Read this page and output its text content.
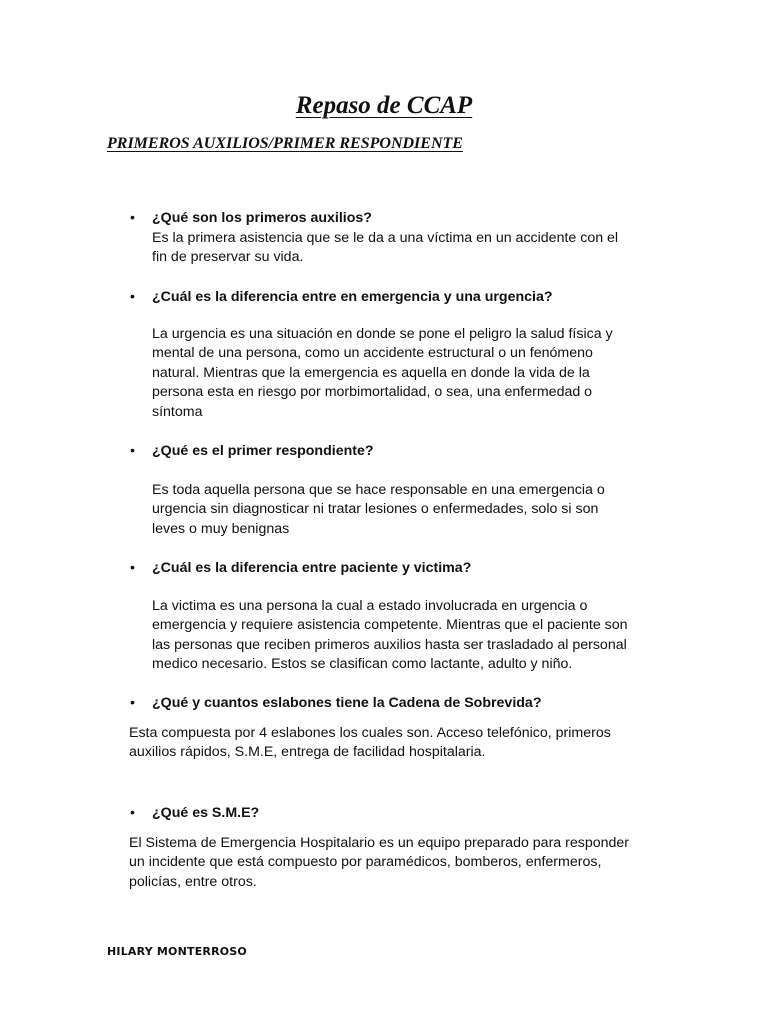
Repaso de CCAP
PRIMEROS AUXILIOS/PRIMER RESPONDIENTE
•	¿Qué son los primeros auxilios?
Es la primera asistencia que se le da a una víctima en un accidente con el
fin de preservar su vida.
•	¿Cuál es la diferencia entre en emergencia y una urgencia?
La urgencia es una situación en donde se pone el peligro la salud física y
mental de una persona, como un accidente estructural o un fenómeno
natural. Mientras que la emergencia es aquella en donde la vida de la
persona esta en riesgo por morbimortalidad, o sea, una enfermedad o
síntoma
•	¿Qué es el primer respondiente?
Es toda aquella persona que se hace responsable en una emergencia o
urgencia sin diagnosticar ni tratar lesiones o enfermedades, solo si son
leves o muy benignas
•	¿Cuál es la diferencia entre paciente y victima?
La victima es una persona la cual a estado involucrada en urgencia o
emergencia y requiere asistencia competente. Mientras que el paciente son
las personas que reciben primeros auxilios hasta ser trasladado al personal
medico necesario. Estos se clasifican como lactante, adulto y niño.
•	¿Qué y cuantos eslabones tiene la Cadena de Sobrevida?
Esta compuesta por 4 eslabones los cuales son. Acceso telefónico, primeros
auxilios rápidos, S.M.E, entrega de facilidad hospitalaria.
•	¿Qué es S.M.E?
El Sistema de Emergencia Hospitalario es un equipo preparado para responder
un incidente que está compuesto por paramédicos, bomberos, enfermeros,
policías, entre otros.
HILARY MONTERROSO
